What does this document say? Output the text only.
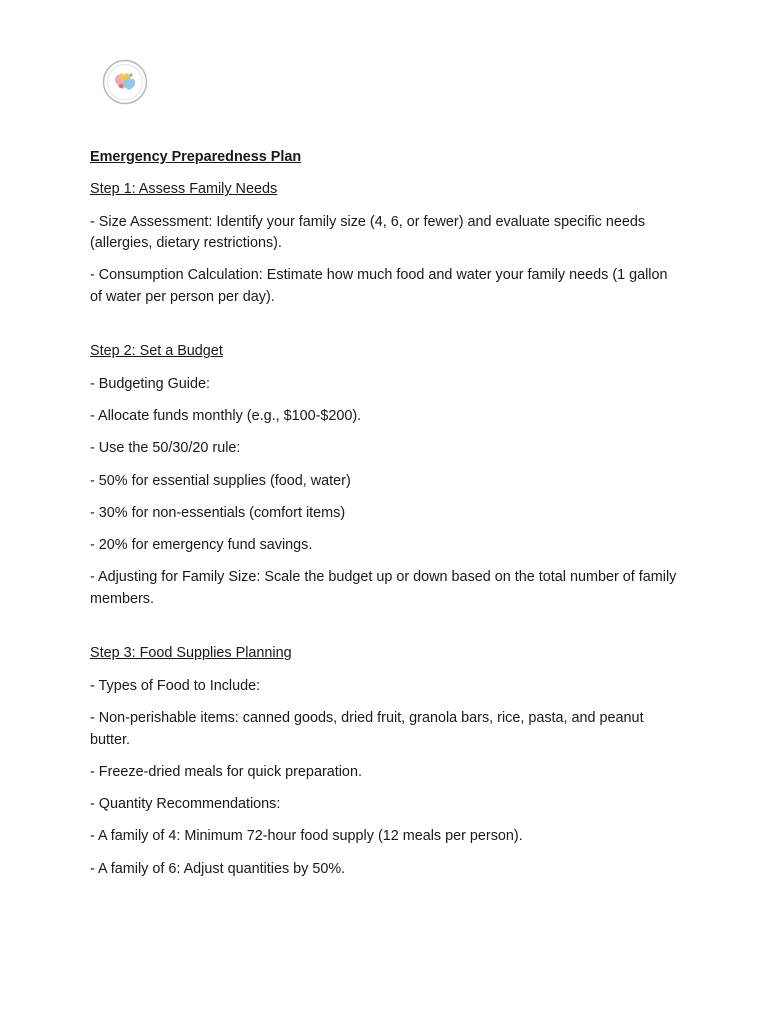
Emergency Preparedness Plan

Step 1: Assess Family Needs

- Size Assessment: Identify your family size (4, 6, or fewer) and evaluate specific needs (allergies, dietary restrictions).

- Consumption Calculation: Estimate how much food and water your family needs (1 gallon of water per person per day).

Step 2: Set a Budget

- Budgeting Guide:

- Allocate funds monthly (e.g., $100-$200).

- Use the 50/30/20 rule:

- 50% for essential supplies (food, water)

- 30% for non-essentials (comfort items)

- 20% for emergency fund savings.

- Adjusting for Family Size: Scale the budget up or down based on the total number of family members.

Step 3: Food Supplies Planning

- Types of Food to Include:

- Non-perishable items: canned goods, dried fruit, granola bars, rice, pasta, and peanut butter.

- Freeze-dried meals for quick preparation.

- Quantity Recommendations:

- A family of 4: Minimum 72-hour food supply (12 meals per person).

- A family of 6: Adjust quantities by 50%.
